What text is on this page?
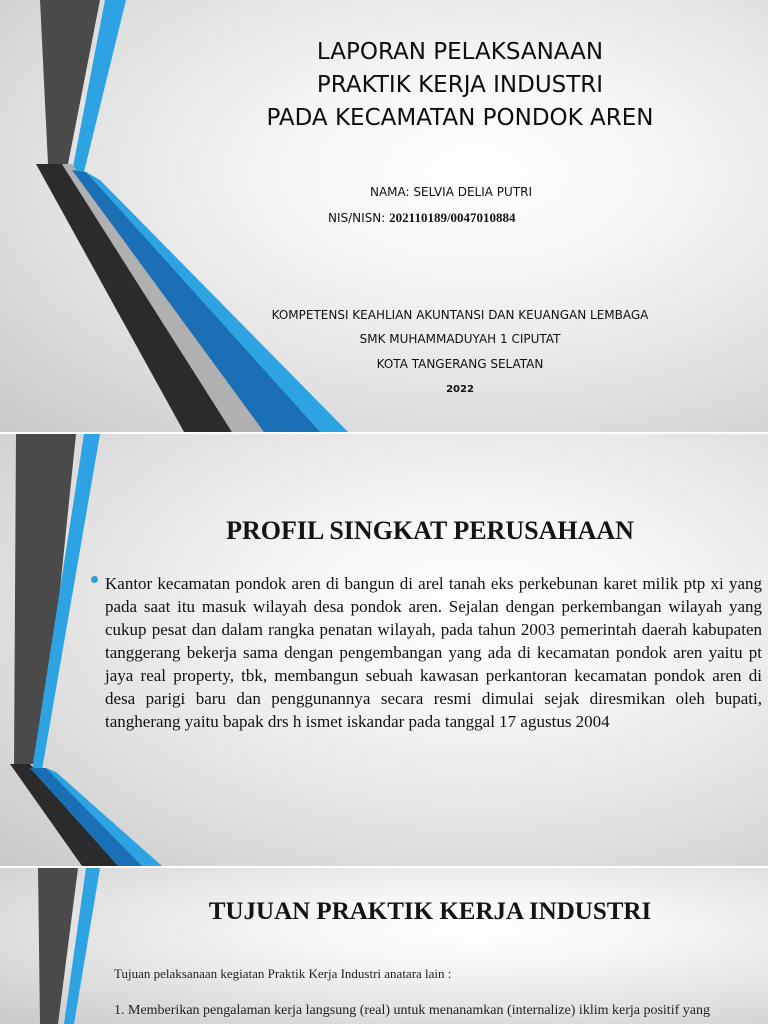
LAPORAN PELAKSANAAN
PRAKTIK KERJA INDUSTRI
PADA KECAMATAN PONDOK AREN
NAMA: SELVIA DELIA PUTRI
NIS/NISN: 202110189/0047010884
KOMPETENSI KEAHLIAN AKUNTANSI DAN KEUANGAN LEMBAGA
SMK MUHAMMADUYAH 1 CIPUTAT
KOTA TANGERANG SELATAN
2022
PROFIL SINGKAT PERUSAHAAN
Kantor kecamatan pondok aren di bangun di arel tanah eks perkebunan karet milik ptp xi yang pada saat itu masuk wilayah desa pondok aren. Sejalan dengan perkembangan wilayah yang cukup pesat dan dalam rangka penatan wilayah, pada tahun 2003 pemerintah daerah kabupaten tanggerang bekerja sama dengan pengembangan yang ada di kecamatan pondok aren yaitu pt jaya real property, tbk, membangun sebuah kawasan perkantoran kecamatan pondok aren di desa parigi baru dan penggunannya secara resmi dimulai sejak diresmikan oleh bupati, tangherang yaitu bapak drs h ismet iskandar pada tanggal 17 agustus 2004
TUJUAN PRAKTIK KERJA INDUSTRI
Tujuan pelaksanaan kegiatan Praktik Kerja Industri anatara lain :
1. Memberikan pengalaman kerja langsung (real) untuk menanamkan (internalize) iklim kerja positif yang
